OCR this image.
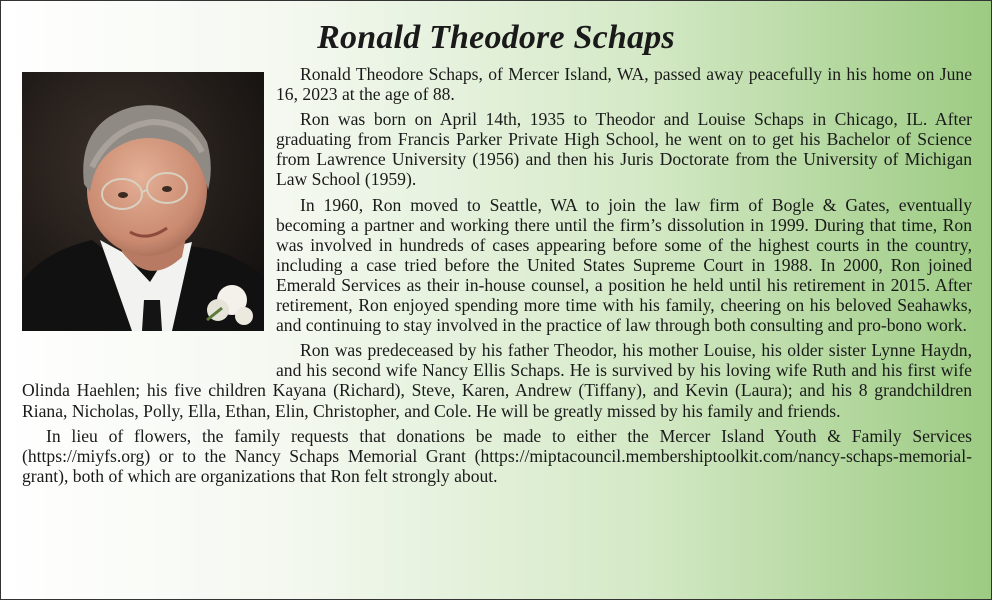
Ronald Theodore Schaps

Ronald Theodore Schaps, of Mercer Island, WA, passed away peacefully in his home on June 16, 2023 at the age of 88.

Ron was born on April 14th, 1935 to Theodor and Louise Schaps in Chicago, IL. After graduating from Francis Parker Private High School, he went on to get his Bachelor of Science from Lawrence University (1956) and then his Juris Doctorate from the University of Michigan Law School (1959).

In 1960, Ron moved to Seattle, WA to join the law firm of Bogle & Gates, eventually becoming a partner and working there until the firm’s dissolution in 1999. During that time, Ron was involved in hundreds of cases appearing before some of the highest courts in the country, including a case tried before the United States Supreme Court in 1988. In 2000, Ron joined Emerald Services as their in-house counsel, a position he held until his retirement in 2015. After retirement, Ron enjoyed spending more time with his family, cheering on his beloved Seahawks, and continuing to stay involved in the practice of law through both consulting and pro-bono work.

Ron was predeceased by his father Theodor, his mother Louise, his older sister Lynne Haydn, and his second wife Nancy Ellis Schaps. He is survived by his loving wife Ruth and his first wife Olinda Haehlen; his five children Kayana (Richard), Steve, Karen, Andrew (Tiffany), and Kevin (Laura); and his 8 grandchildren Riana, Nicholas, Polly, Ella, Ethan, Elin, Christopher, and Cole. He will be greatly missed by his family and friends.

In lieu of flowers, the family requests that donations be made to either the Mercer Island Youth & Family Services (https://miyfs.org) or to the Nancy Schaps Memorial Grant (https://miptacouncil.membershiptoolkit.com/nancy-schaps-memorial-grant), both of which are organizations that Ron felt strongly about.
